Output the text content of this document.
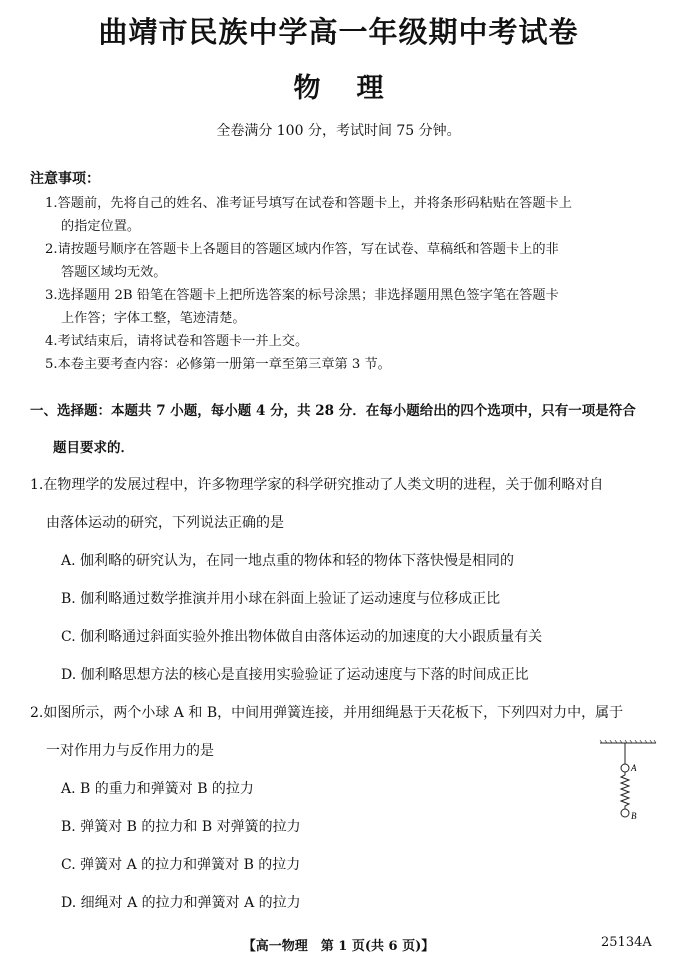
曲靖市民族中学高一年级期中考试卷
物理
全卷满分 100 分，考试时间 75 分钟。
注意事项：
1.答题前，先将自己的姓名、准考证号填写在试卷和答题卡上，并将条形码粘贴在答题卡上
的指定位置。
2.请按题号顺序在答题卡上各题目的答题区域内作答，写在试卷、草稿纸和答题卡上的非
答题区域均无效。
3.选择题用 2B 铅笔在答题卡上把所选答案的标号涂黑；非选择题用黑色签字笔在答题卡
上作答；字体工整，笔迹清楚。
4.考试结束后，请将试卷和答题卡一并上交。
5.本卷主要考查内容：必修第一册第一章至第三章第 3 节。
一、选择题：本题共 7 小题，每小题 4 分，共 28 分．在每小题给出的四个选项中，只有一项是符合
题目要求的．
1.在物理学的发展过程中，许多物理学家的科学研究推动了人类文明的进程，关于伽利略对自
由落体运动的研究，下列说法正确的是
A. 伽利略的研究认为，在同一地点重的物体和轻的物体下落快慢是相同的
B. 伽利略通过数学推演并用小球在斜面上验证了运动速度与位移成正比
C. 伽利略通过斜面实验外推出物体做自由落体运动的加速度的大小跟质量有关
D. 伽利略思想方法的核心是直接用实验验证了运动速度与下落的时间成正比
2.如图所示，两个小球 A 和 B，中间用弹簧连接，并用细绳悬于天花板下，下列四对力中，属于
一对作用力与反作用力的是
A. B 的重力和弹簧对 B 的拉力
B. 弹簧对 B 的拉力和 B 对弹簧的拉力
C. 弹簧对 A 的拉力和弹簧对 B 的拉力
D. 细绳对 A 的拉力和弹簧对 A 的拉力
A
B
【高一物理　第 1 页(共 6 页)】	25134A
